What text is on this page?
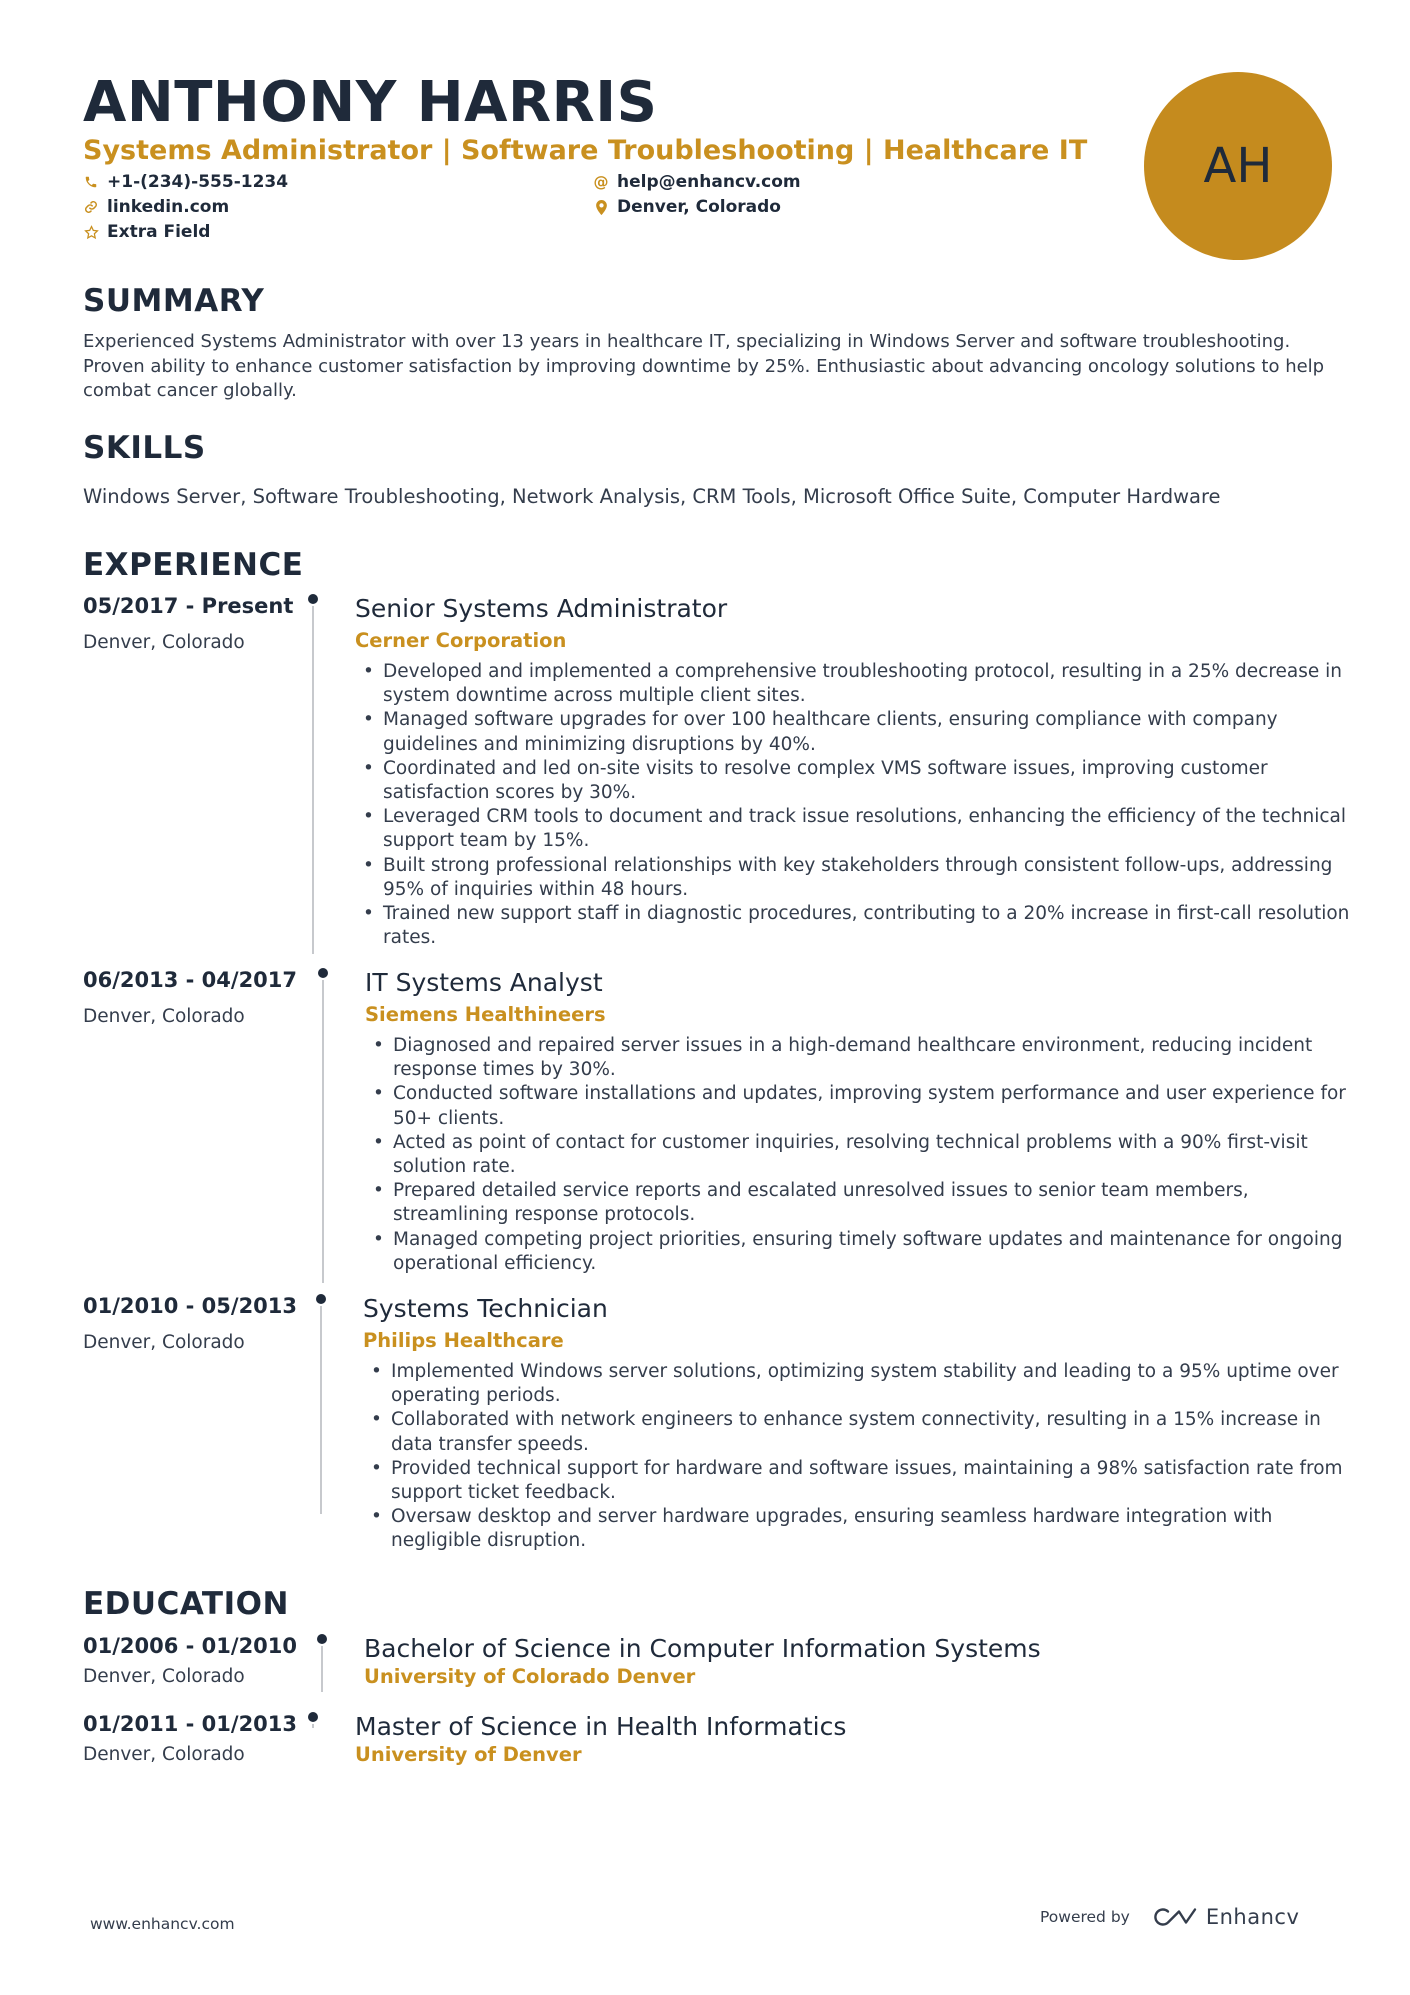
ANTHONY HARRIS
Systems Administrator | Software Troubleshooting | Healthcare IT
+1-(234)-555-1234	@ help@enhancv.com
linkedin.com	Denver, Colorado
Extra Field
AH
SUMMARY
Experienced Systems Administrator with over 13 years in healthcare IT, specializing in Windows Server and software troubleshooting. Proven ability to enhance customer satisfaction by improving downtime by 25%. Enthusiastic about advancing oncology solutions to help combat cancer globally.
SKILLS
Windows Server, Software Troubleshooting, Network Analysis, CRM Tools, Microsoft Office Suite, Computer Hardware
EXPERIENCE
05/2017 - Present
Denver, Colorado
Senior Systems Administrator
Cerner Corporation
• Developed and implemented a comprehensive troubleshooting protocol, resulting in a 25% decrease in system downtime across multiple client sites.
• Managed software upgrades for over 100 healthcare clients, ensuring compliance with company guidelines and minimizing disruptions by 40%.
• Coordinated and led on-site visits to resolve complex VMS software issues, improving customer satisfaction scores by 30%.
• Leveraged CRM tools to document and track issue resolutions, enhancing the efficiency of the technical support team by 15%.
• Built strong professional relationships with key stakeholders through consistent follow-ups, addressing 95% of inquiries within 48 hours.
• Trained new support staff in diagnostic procedures, contributing to a 20% increase in first-call resolution rates.
06/2013 - 04/2017
Denver, Colorado
IT Systems Analyst
Siemens Healthineers
• Diagnosed and repaired server issues in a high-demand healthcare environment, reducing incident response times by 30%.
• Conducted software installations and updates, improving system performance and user experience for 50+ clients.
• Acted as point of contact for customer inquiries, resolving technical problems with a 90% first-visit solution rate.
• Prepared detailed service reports and escalated unresolved issues to senior team members, streamlining response protocols.
• Managed competing project priorities, ensuring timely software updates and maintenance for ongoing operational efficiency.
01/2010 - 05/2013
Denver, Colorado
Systems Technician
Philips Healthcare
• Implemented Windows server solutions, optimizing system stability and leading to a 95% uptime over operating periods.
• Collaborated with network engineers to enhance system connectivity, resulting in a 15% increase in data transfer speeds.
• Provided technical support for hardware and software issues, maintaining a 98% satisfaction rate from support ticket feedback.
• Oversaw desktop and server hardware upgrades, ensuring seamless hardware integration with negligible disruption.
EDUCATION
01/2006 - 01/2010
Denver, Colorado
Bachelor of Science in Computer Information Systems
University of Colorado Denver
01/2011 - 01/2013
Denver, Colorado
Master of Science in Health Informatics
University of Denver
www.enhancv.com	Powered by	Enhancv
